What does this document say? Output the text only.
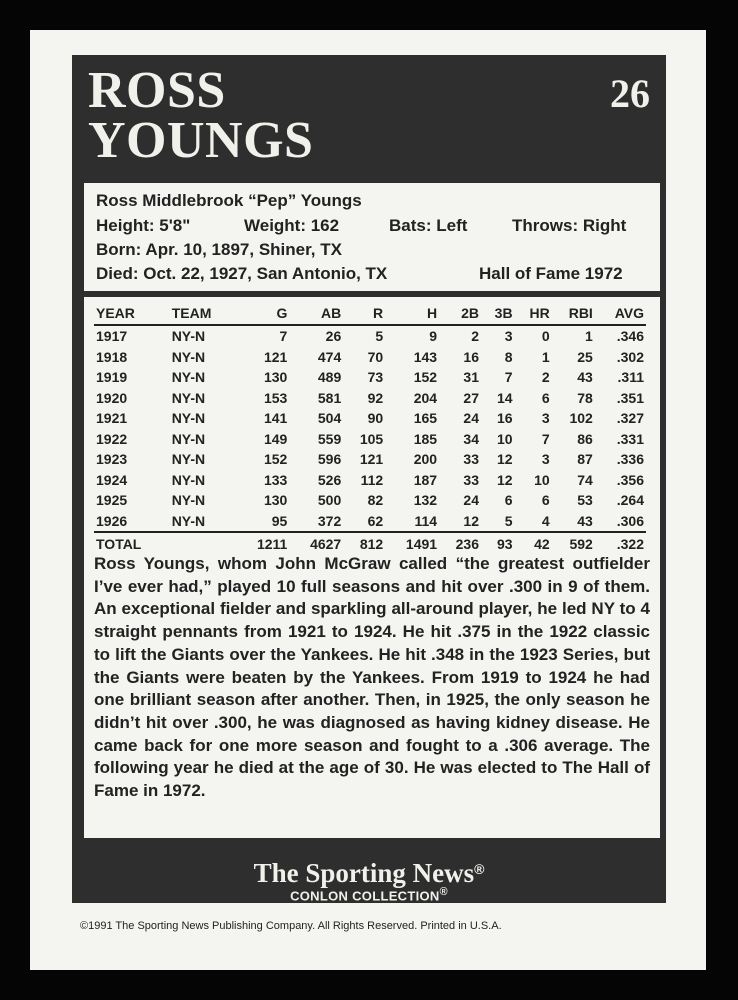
ROSS
YOUNGS
26
Ross Middlebrook “Pep” Youngs
Height: 5'8"	Weight: 162	Bats: Left	Throws: Right
Born: Apr. 10, 1897, Shiner, TX
Died: Oct. 22, 1927, San Antonio, TX	Hall of Fame 1972
YEAR	TEAM	G	AB	R	H	2B	3B	HR	RBI	AVG
1917	NY-N	7	26	5	9	2	3	0	1	.346
1918	NY-N	121	474	70	143	16	8	1	25	.302
1919	NY-N	130	489	73	152	31	7	2	43	.311
1920	NY-N	153	581	92	204	27	14	6	78	.351
1921	NY-N	141	504	90	165	24	16	3	102	.327
1922	NY-N	149	559	105	185	34	10	7	86	.331
1923	NY-N	152	596	121	200	33	12	3	87	.336
1924	NY-N	133	526	112	187	33	12	10	74	.356
1925	NY-N	130	500	82	132	24	6	6	53	.264
1926	NY-N	95	372	62	114	12	5	4	43	.306
TOTAL		1211	4627	812	1491	236	93	42	592	.322

Ross Youngs, whom John McGraw called “the greatest outfielder I’ve ever had,” played 10 full seasons and hit over .300 in 9 of them. An exceptional fielder and sparkling all-around player, he led NY to 4 straight pennants from 1921 to 1924. He hit .375 in the 1922 classic to lift the Giants over the Yankees. He hit .348 in the 1923 Series, but the Giants were beaten by the Yankees. From 1919 to 1924 he had one brilliant season after another. Then, in 1925, the only season he didn’t hit over .300, he was diagnosed as having kidney disease. He came back for one more season and fought to a .306 average. The following year he died at the age of 30. He was elected to The Hall of Fame in 1972.

The Sporting News®
CONLON COLLECTION®
©1991 The Sporting News Publishing Company. All Rights Reserved. Printed in U.S.A.
